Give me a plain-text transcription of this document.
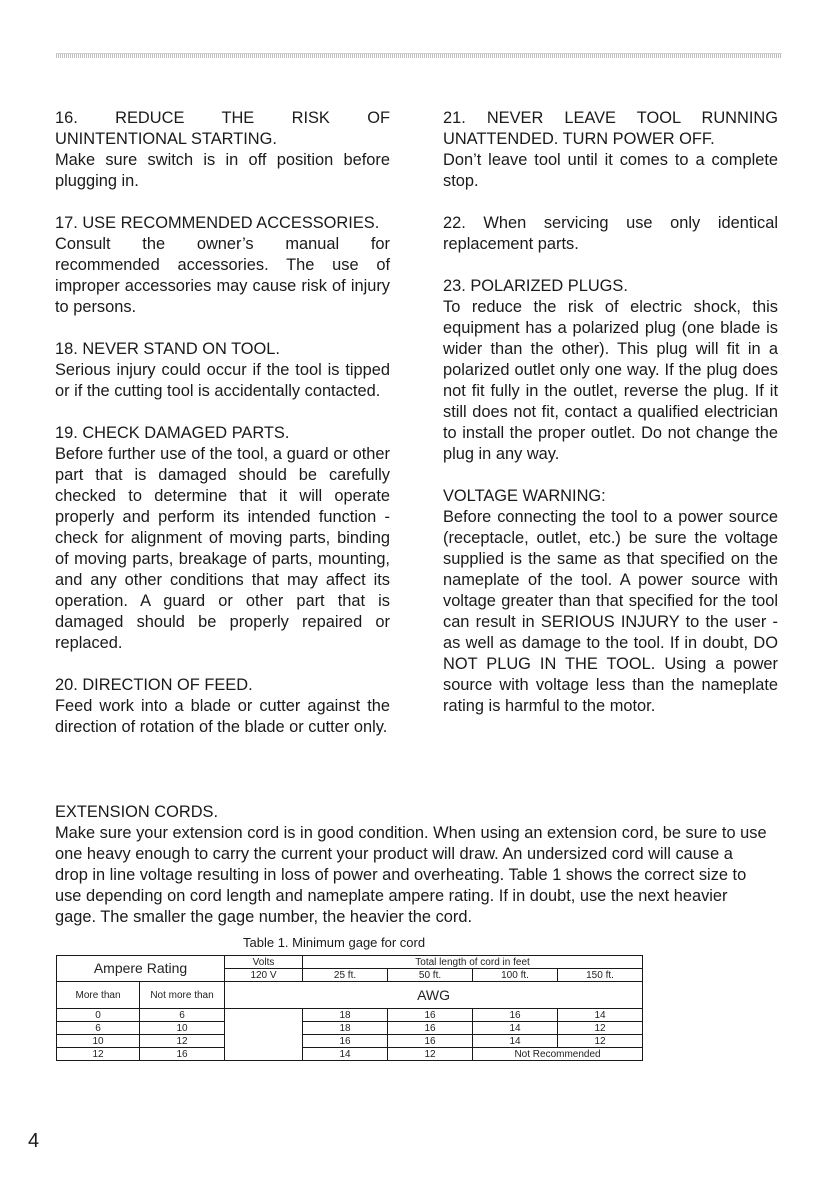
16. REDUCE THE RISK OF UNINTENTIONAL STARTING.

Make sure switch is in off position before plugging in.

17. USE RECOMMENDED ACCESSORIES.

Consult the owner’s manual for recommended accessories. The use of improper accessories may cause risk of injury to persons.

18. NEVER STAND ON TOOL.

Serious injury could occur if the tool is tipped or if the cutting tool is accidentally contacted.

19. CHECK DAMAGED PARTS.

Before further use of the tool, a guard or other part that is damaged should be carefully checked to determine that it will operate properly and perform its intended function - check for alignment of moving parts, binding of moving parts, breakage of parts, mounting, and any other conditions that may affect its operation. A guard or other part that is damaged should be properly repaired or replaced.

20. DIRECTION OF FEED.

Feed work into a blade or cutter against the direction of rotation of the blade or cutter only.

21. NEVER LEAVE TOOL RUNNING UNATTENDED. TURN POWER OFF.

Don’t leave tool until it comes to a complete stop.

22. When servicing use only identical replacement parts.

23. POLARIZED PLUGS.

To reduce the risk of electric shock, this equipment has a polarized plug (one blade is wider than the other). This plug will fit in a polarized outlet only one way. If the plug does not fit fully in the outlet, reverse the plug. If it still does not fit, contact a qualified electrician to install the proper outlet. Do not change the plug in any way.

VOLTAGE WARNING:

Before connecting the tool to a power source (receptacle, outlet, etc.) be sure the voltage supplied is the same as that specified on the nameplate of the tool. A power source with voltage greater than that specified for the tool can result in SERIOUS INJURY to the user - as well as damage to the tool. If in doubt, DO NOT PLUG IN THE TOOL. Using a power source with voltage less than the nameplate rating is harmful to the motor.

EXTENSION CORDS.

Make sure your extension cord is in good condition. When using an extension cord, be sure to use one heavy enough to carry the current your product will draw. An undersized cord will cause a drop in line voltage resulting in loss of power and overheating. Table 1 shows the correct size to use depending on cord length and nameplate ampere rating. If in doubt, use the next heavier gage. The smaller the gage number, the heavier the cord.

Table 1. Minimum gage for cord
Ampere Rating		Volts	Total length of cord in feet			
		120 V	25 ft.	50 ft.	100 ft.	150 ft.
More than	Not more than	AWG				
0	6		18	16	16	14
6	10		18	16	14	12
10	12		16	16	14	12
12	16		14	12	Not Recommended	
4
